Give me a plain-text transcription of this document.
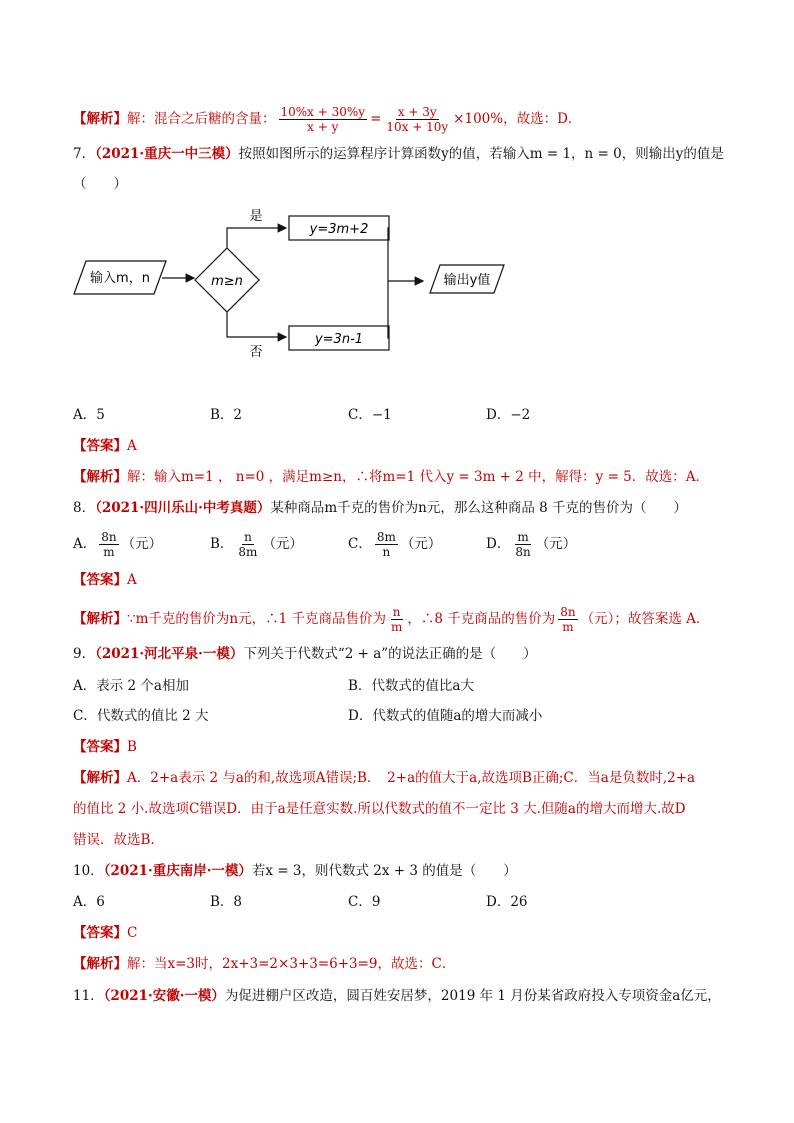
【解析】解：混合之后糖的含量： $\frac{10\%x + 30\%y}{x + y} = \frac{x + 3y}{10x + 10y} \times 100\%$，故选：D．
7．（2021·重庆一中三模）按照如图所示的运算程序计算函数y的值，若输入m = 1，n = 0，则输出y的值是
（　　）
输入m，n	m≥n
是
y=3m+2
否
y=3n-1
输出y值
A．5	B．2	C．−1	D．−2
【答案】A
【解析】解：输入m=1 ， n=0 ，满足m≥n，∴将m=1 代入y = 3m + 2 中，解得：y = 5．故选：A．
8．（2021·四川乐山·中考真题）某种商品m千克的售价为n元，那么这种商品 8 千克的售价为（　　）
A． $\frac{8n}{m}$ （元）	B． $\frac{n}{8m}$ （元）	C． $\frac{8m}{n}$ （元）	D． $\frac{m}{8n}$ （元）
【答案】A
【解析】∵m千克的售价为n元，∴1 千克商品售价为 $\frac{n}{m}$ ，∴8 千克商品的售价为 $\frac{8n}{m}$ （元）；故答案选 A．
9．（2021·河北平泉·一模）下列关于代数式“2 + a”的说法正确的是（　　）
A．表示 2 个a相加	B．代数式的值比a大
C．代数式的值比 2 大	D．代数式的值随a的增大而减小
【答案】B
【解析】A．2+a表示 2 与a的和,故选项A错误;B．　2+a的值大于a,故选项B正确;C．当a是负数时,2+a
的值比 2 小.故选项C错误D．由于a是任意实数.所以代数式的值不一定比 3 大.但随a的增大而增大.故D
错误．故选B.
10．（2021·重庆南岸·一模）若x = 3，则代数式 2x + 3 的值是（　　）
A．6	B．8	C．9	D．26
【答案】C
【解析】解：当x=3时，2x+3=2×3+3=6+3=9，故选：C．
11．（2021·安徽·一模）为促进棚户区改造，圆百姓安居梦，2019 年 1 月份某省政府投入专项资金a亿元，
